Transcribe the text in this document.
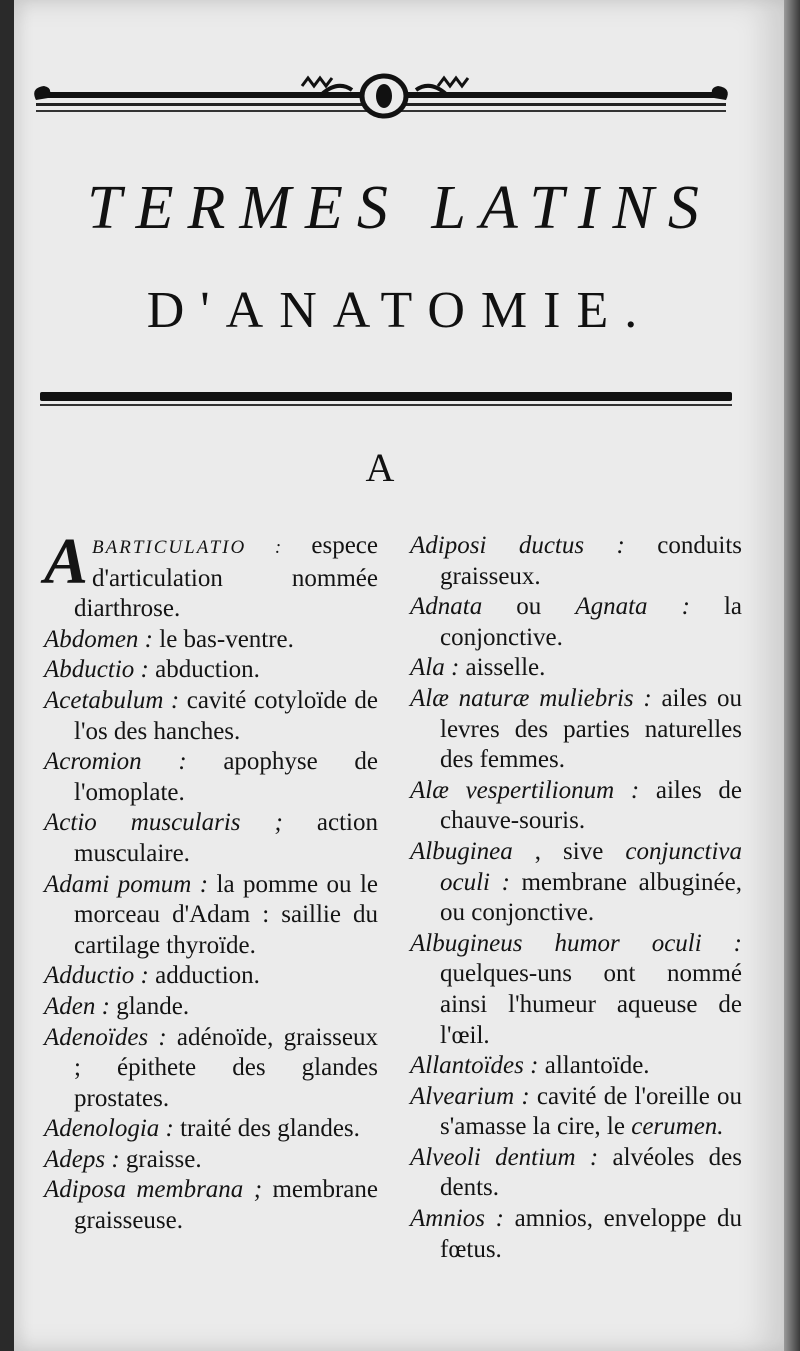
TERMES LATINS
D'ANATOMIE.
A

ABARTICULATIO : espece d'articulation nommée diarthrose.

Abdomen : le bas-ventre.

Abductio : abduction.

Acetabulum : cavité cotyloïde de l'os des hanches.

Acromion : apophyse de l'omoplate.

Actio muscularis ; action musculaire.

Adami pomum : la pomme ou le morceau d'Adam : saillie du cartilage thyroïde.

Adductio : adduction.

Aden : glande.

Adenoïdes : adénoïde, graisseux ; épithete des glandes prostates.

Adenologia : traité des glandes.

Adeps : graisse.

Adiposa membrana ; membrane graisseuse.

Adiposi ductus : conduits graisseux.

Adnata ou Agnata : la conjonctive.

Ala : aisselle.

Alæ naturæ muliebris : ailes ou levres des parties naturelles des femmes.

Alæ vespertilionum : ailes de chauve-souris.

Albuginea , sive conjunctiva oculi : membrane albuginée, ou conjonctive.

Albugineus humor oculi : quelques-uns ont nommé ainsi l'humeur aqueuse de l'œil.

Allantoïdes : allantoïde.

Alvearium : cavité de l'oreille ou s'amasse la cire, le cerumen.

Alveoli dentium : alvéoles des dents.

Amnios : amnios, enveloppe du fœtus.
